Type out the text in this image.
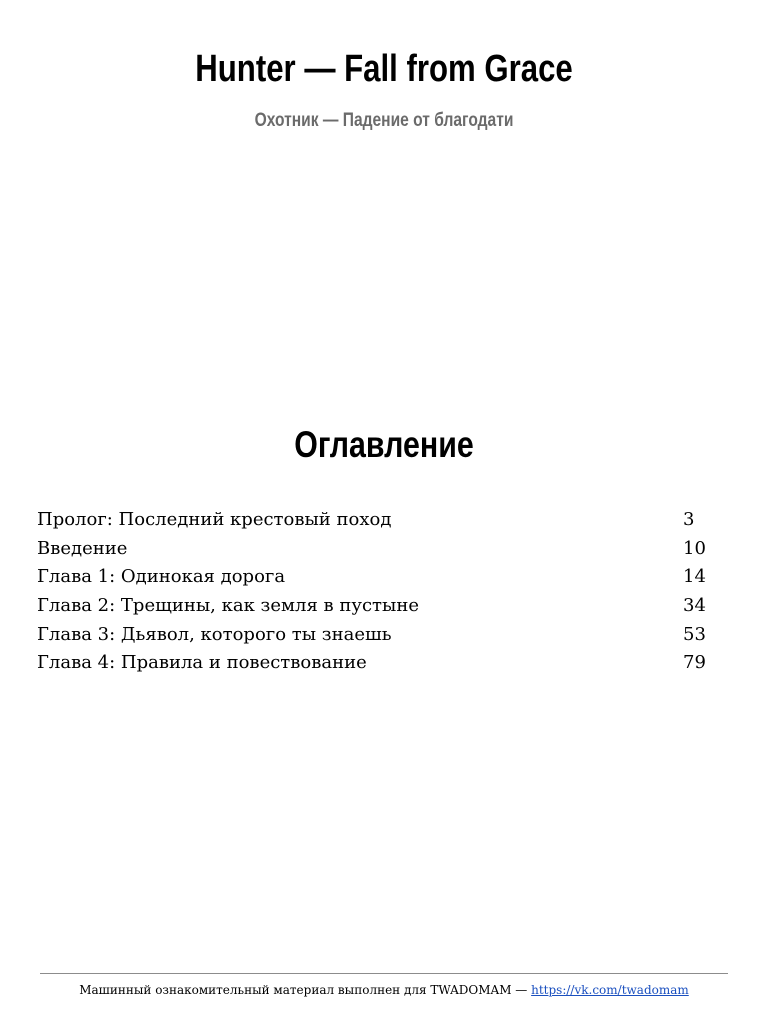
Hunter — Fall from Grace
Охотник — Падение от благодати
Оглавление
Пролог: Последний крестовый поход	3
Введение	10
Глава 1: Одинокая дорога	14
Глава 2: Трещины, как земля в пустыне	34
Глава 3: Дьявол, которого ты знаешь	53
Глава 4: Правила и повествование	79
Машинный ознакомительный материал выполнен для TWADOMAM — https://vk.com/twadomam
